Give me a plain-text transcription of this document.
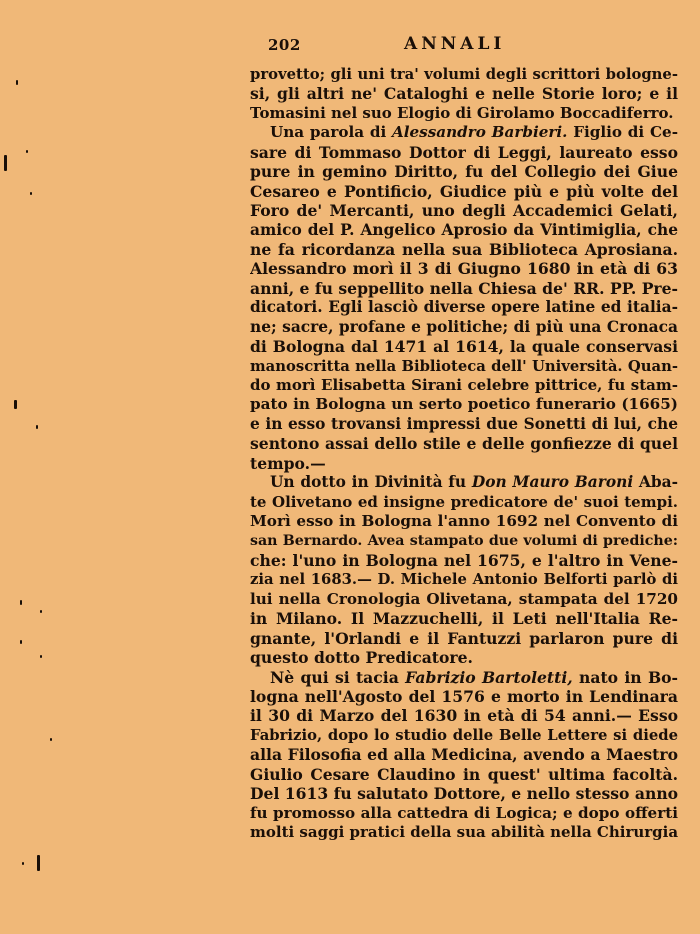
202	ANNALI
provetto; gli uni tra' volumi degli scrittori bologne-
si, gli altri ne' Cataloghi e nelle Storie loro; e il
Tomasini nel suo Elogio di Girolamo Boccadiferro.
Una parola di Alessandro Barbieri. Figlio di Ce-
sare di Tommaso Dottor di Leggi, laureato esso
pure in gemino Diritto, fu del Collegio dei Giue
Cesareo e Pontificio, Giudice più e più volte del
Foro de' Mercanti, uno degli Accademici Gelati,
amico del P. Angelico Aprosio da Vintimiglia, che
ne fa ricordanza nella sua Biblioteca Aprosiana.
Alessandro morì il 3 di Giugno 1680 in età di 63
anni, e fu seppellito nella Chiesa de' RR. PP. Pre-
dicatori. Egli lasciò diverse opere latine ed italia-
ne; sacre, profane e politiche; di più una Cronaca
di Bologna dal 1471 al 1614, la quale conservasi
manoscritta nella Biblioteca dell' Università. Quan-
do morì Elisabetta Sirani celebre pittrice, fu stam-
pato in Bologna un serto poetico funerario (1665)
e in esso trovansi impressi due Sonetti di lui, che
sentono assai dello stile e delle gonfiezze di quel
tempo.—
Un dotto in Divinità fu Don Mauro Baroni Aba-
te Olivetano ed insigne predicatore de' suoi tempi.
Morì esso in Bologna l'anno 1692 nel Convento di
san Bernardo. Avea stampato due volumi di prediche:
che: l'uno in Bologna nel 1675, e l'altro in Vene-
zia nel 1683.— D. Michele Antonio Belforti parlò di
lui nella Cronologia Olivetana, stampata del 1720
in Milano. Il Mazzuchelli, il Leti nell'Italia Re-
gnante, l'Orlandi e il Fantuzzi parlaron pure di
questo dotto Predicatore.
Nè qui si tacia Fabrizio Bartoletti, nato in Bo-
logna nell'Agosto del 1576 e morto in Lendinara
il 30 di Marzo del 1630 in età di 54 anni.— Esso
Fabrizio, dopo lo studio delle Belle Lettere si diede
alla Filosofia ed alla Medicina, avendo a Maestro
Giulio Cesare Claudino in quest' ultima facoltà.
Del 1613 fu salutato Dottore, e nello stesso anno
fu promosso alla cattedra di Logica; e dopo offerti
molti saggi pratici della sua abilità nella Chirurgia
